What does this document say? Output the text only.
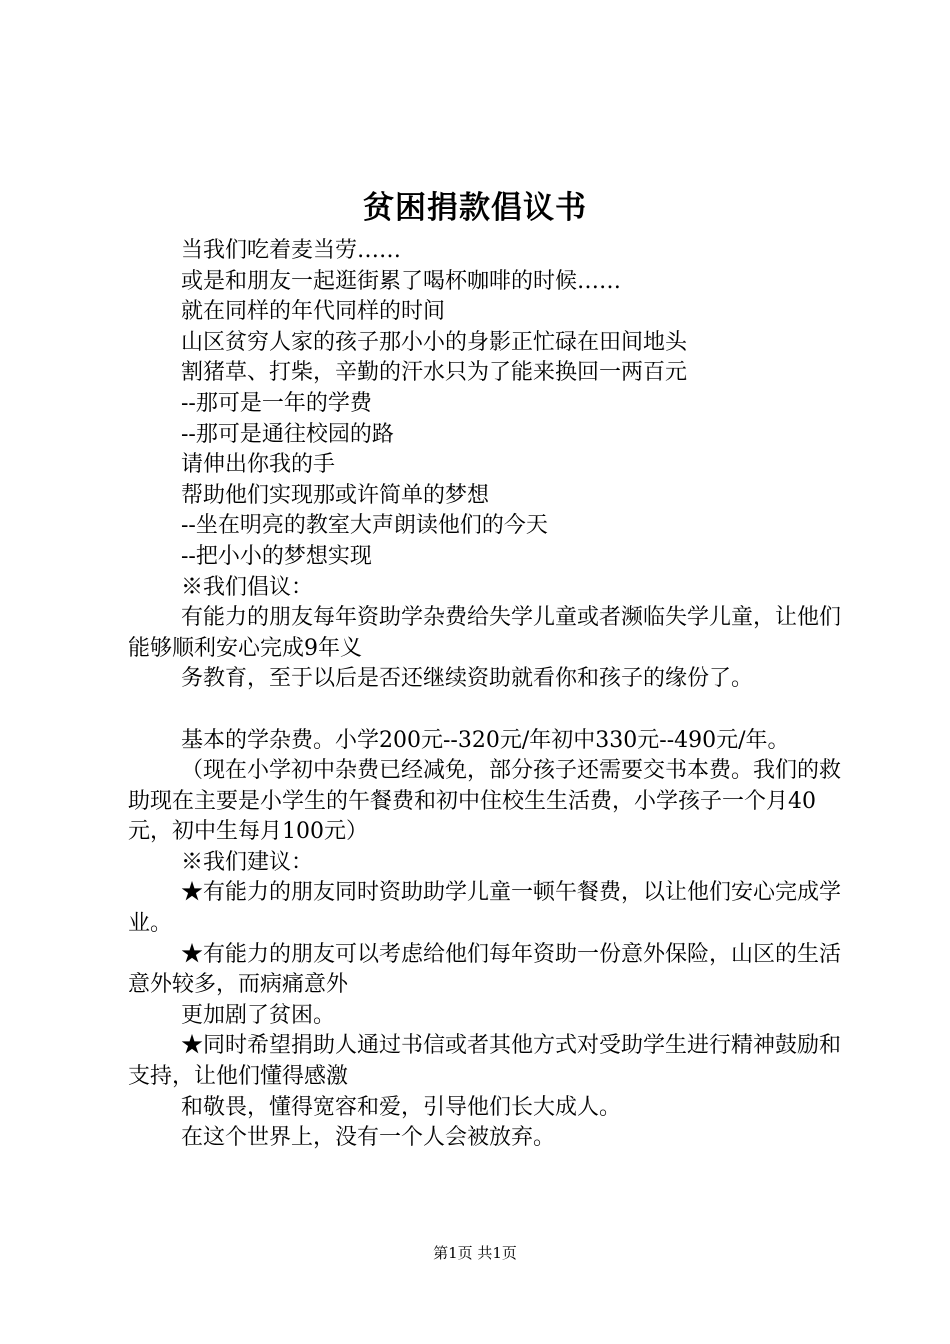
贫困捐款倡议书
当我们吃着麦当劳……
或是和朋友一起逛街累了喝杯咖啡的时候……
就在同样的年代同样的时间
山区贫穷人家的孩子那小小的身影正忙碌在田间地头
割猪草、打柴，辛勤的汗水只为了能来换回一两百元
--那可是一年的学费
--那可是通往校园的路
请伸出你我的手
帮助他们实现那或许简单的梦想
--坐在明亮的教室大声朗读他们的今天
--把小小的梦想实现
※我们倡议：
有能力的朋友每年资助学杂费给失学儿童或者濒临失学儿童，让他们能够顺利安心完成9年义
务教育，至于以后是否还继续资助就看你和孩子的缘份了。
基本的学杂费。小学200元--320元/年初中330元--490元/年。
（现在小学初中杂费已经减免，部分孩子还需要交书本费。我们的救助现在主要是小学生的午餐费和初中住校生生活费，小学孩子一个月40元，初中生每月100元）
※我们建议：
★有能力的朋友同时资助助学儿童一顿午餐费，以让他们安心完成学业。
★有能力的朋友可以考虑给他们每年资助一份意外保险，山区的生活意外较多，而病痛意外
更加剧了贫困。
★同时希望捐助人通过书信或者其他方式对受助学生进行精神鼓励和支持，让他们懂得感激
和敬畏，懂得宽容和爱，引导他们长大成人。
在这个世界上，没有一个人会被放弃。
第1页 共1页
